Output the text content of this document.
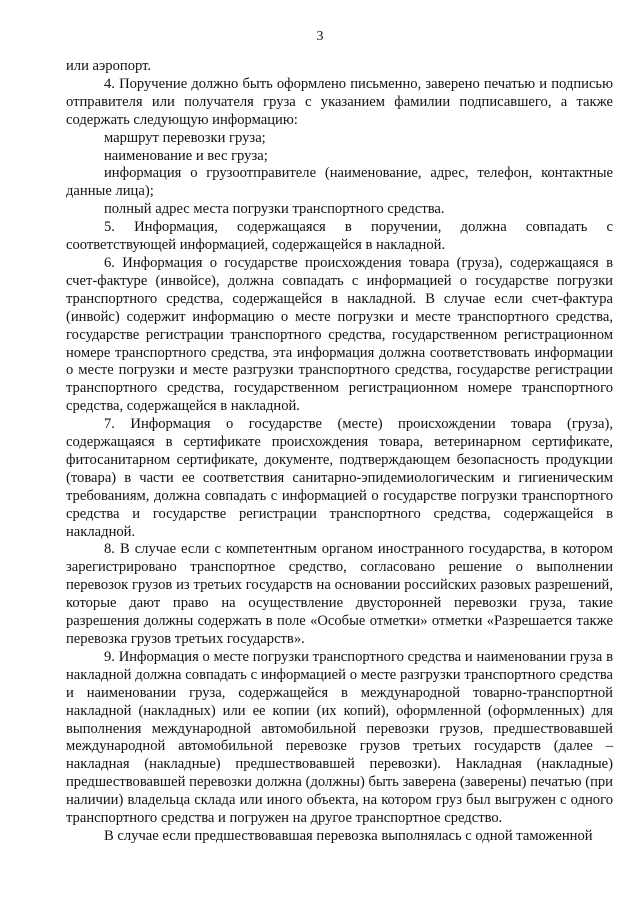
3

или аэропорт.

4. Поручение должно быть оформлено письменно, заверено печатью и подписью отправителя или получателя груза с указанием фамилии подписавшего, а также содержать следующую информацию:

маршрут перевозки груза;

наименование и вес груза;

информация о грузоотправителе (наименование, адрес, телефон, контактные данные лица);

полный адрес места погрузки транспортного средства.

5. Информация, содержащаяся в поручении, должна совпадать с соответствующей информацией, содержащейся в накладной.

6. Информация о государстве происхождения товара (груза), содержащаяся в счет-фактуре (инвойсе), должна совпадать с информацией о государстве погрузки транспортного средства, содержащейся в накладной. В случае если счет-фактура (инвойс) содержит информацию о месте погрузки и месте транспортного средства, государстве регистрации транспортного средства, государственном регистрационном номере транспортного средства, эта информация должна соответствовать информации о месте погрузки и месте разгрузки транспортного средства, государстве регистрации транспортного средства, государственном регистрационном номере транспортного средства, содержащейся в накладной.

7. Информация о государстве (месте) происхождении товара (груза), содержащаяся в сертификате происхождения товара, ветеринарном сертификате, фитосанитарном сертификате, документе, подтверждающем безопасность продукции (товара) в части ее соответствия санитарно-эпидемиологическим и гигиеническим требованиям, должна совпадать с информацией о государстве погрузки транспортного средства и государстве регистрации транспортного средства, содержащейся в накладной.

8. В случае если с компетентным органом иностранного государства, в котором зарегистрировано транспортное средство, согласовано решение о выполнении перевозок грузов из третьих государств на основании российских разовых разрешений, которые дают право на осуществление двусторонней перевозки груза, такие разрешения должны содержать в поле «Особые отметки» отметки «Разрешается также перевозка грузов третьих государств».

9. Информация о месте погрузки транспортного средства и наименовании груза в накладной должна совпадать с информацией о месте разгрузки транспортного средства и наименовании груза, содержащейся в международной товарно-транспортной накладной (накладных) или ее копии (их копий), оформленной (оформленных) для выполнения международной автомобильной перевозки грузов, предшествовавшей международной автомобильной перевозке грузов третьих государств (далее – накладная (накладные) предшествовавшей перевозки). Накладная (накладные) предшествовавшей перевозки должна (должны) быть заверена (заверены) печатью (при наличии) владельца склада или иного объекта, на котором груз был выгружен с одного транспортного средства и погружен на другое транспортное средство.

В случае если предшествовавшая перевозка выполнялась с одной таможенной
